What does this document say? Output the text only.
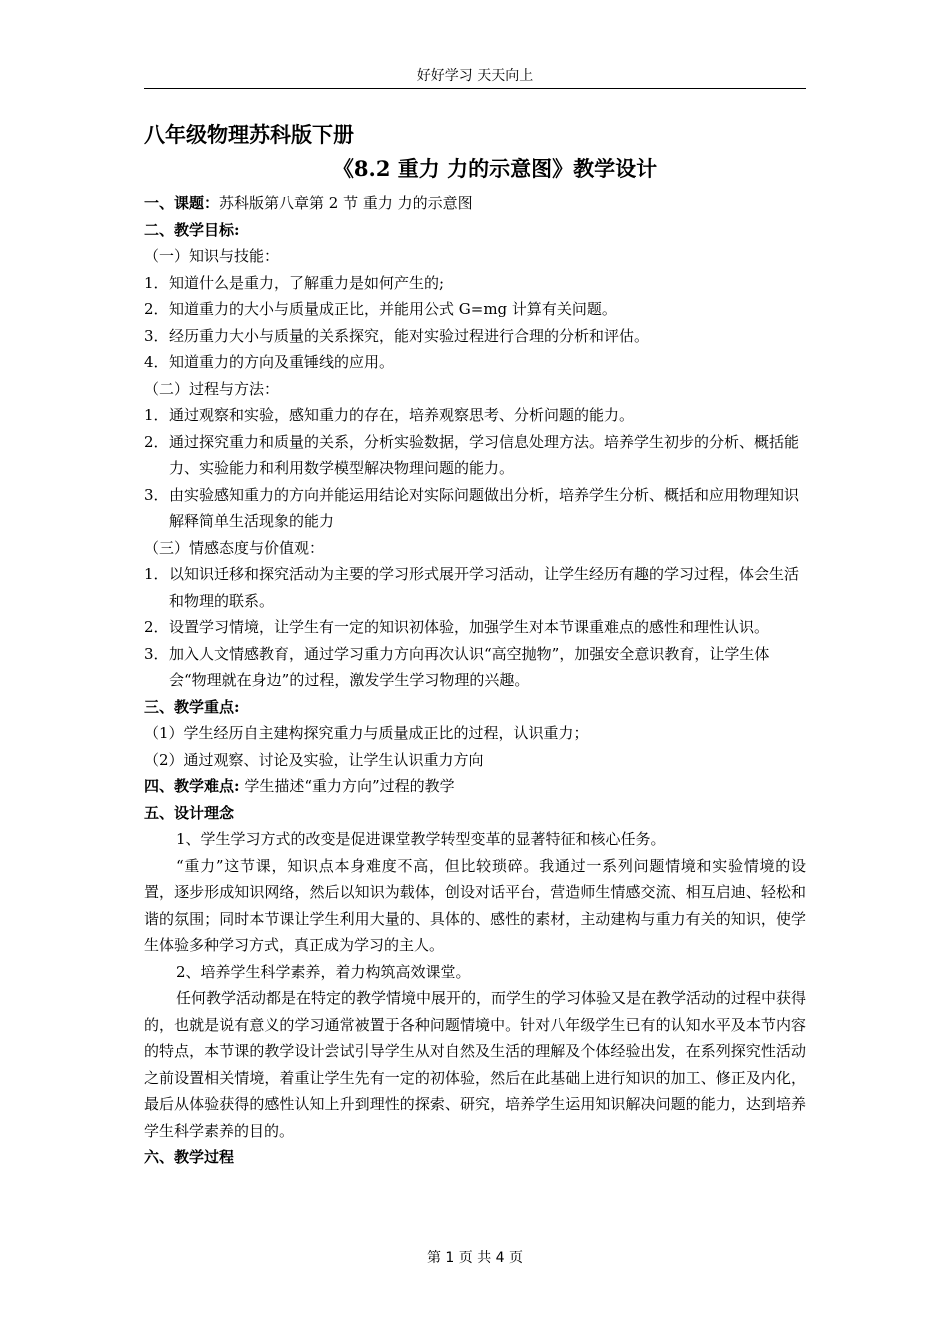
好好学习 天天向上

八年级物理苏科版下册

《8.2 重力 力的示意图》教学设计

一、课题：苏科版第八章第 2 节 重力 力的示意图

二、教学目标:

（一）知识与技能：

1． 知道什么是重力，了解重力是如何产生的;
2． 知道重力的大小与质量成正比，并能用公式 G=mg 计算有关问题。
3． 经历重力大小与质量的关系探究，能对实验过程进行合理的分析和评估。
4． 知道重力的方向及重锤线的应用。

（二）过程与方法：

1． 通过观察和实验，感知重力的存在，培养观察思考、分析问题的能力。
2． 通过探究重力和质量的关系，分析实验数据，学习信息处理方法。培养学生初步的分析、概括能力、实验能力和利用数学模型解决物理问题的能力。
3． 由实验感知重力的方向并能运用结论对实际问题做出分析，培养学生分析、概括和应用物理知识解释简单生活现象的能力

（三）情感态度与价值观：

1． 以知识迁移和探究活动为主要的学习形式展开学习活动，让学生经历有趣的学习过程，体会生活和物理的联系。
2． 设置学习情境，让学生有一定的知识初体验，加强学生对本节课重难点的感性和理性认识。
3． 加入人文情感教育，通过学习重力方向再次认识“高空抛物”，加强安全意识教育，让学生体会“物理就在身边”的过程，激发学生学习物理的兴趣。

三、教学重点:

（1）学生经历自主建构探究重力与质量成正比的过程，认识重力；

（2）通过观察、讨论及实验，让学生认识重力方向

四、教学难点: 学生描述“重力方向”过程的教学

五、设计理念

1、学生学习方式的改变是促进课堂教学转型变革的显著特征和核心任务。

“重力”这节课，知识点本身难度不高，但比较琐碎。我通过一系列问题情境和实验情境的设置，逐步形成知识网络，然后以知识为载体，创设对话平台，营造师生情感交流、相互启迪、轻松和谐的氛围；同时本节课让学生利用大量的、具体的、感性的素材，主动建构与重力有关的知识，使学生体验多种学习方式，真正成为学习的主人。

2、培养学生科学素养，着力构筑高效课堂。

任何教学活动都是在特定的教学情境中展开的，而学生的学习体验又是在教学活动的过程中获得的，也就是说有意义的学习通常被置于各种问题情境中。针对八年级学生已有的认知水平及本节内容的特点，本节课的教学设计尝试引导学生从对自然及生活的理解及个体经验出发，在系列探究性活动之前设置相关情境，着重让学生先有一定的初体验，然后在此基础上进行知识的加工、修正及内化，最后从体验获得的感性认知上升到理性的探索、研究，培养学生运用知识解决问题的能力，达到培养学生科学素养的目的。

六、教学过程

第 1 页 共 4 页
